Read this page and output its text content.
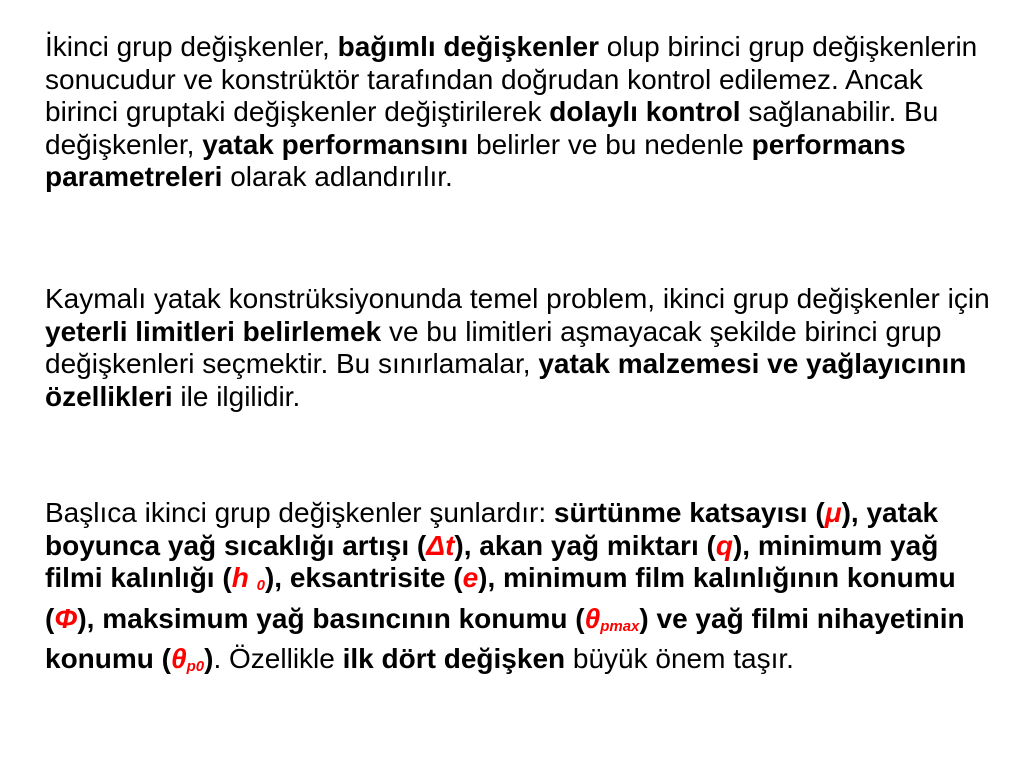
İkinci grup değişkenler, bağımlı değişkenler olup birinci grup değişkenlerin sonucudur ve konstrüktör tarafından doğrudan kontrol edilemez. Ancak birinci gruptaki değişkenler değiştirilerek dolaylı kontrol sağlanabilir. Bu değişkenler, yatak performansını belirler ve bu nedenle performans parametreleri olarak adlandırılır.

Kaymalı yatak konstrüksiyonunda temel problem, ikinci grup değişkenler için yeterli limitleri belirlemek ve bu limitleri aşmayacak şekilde birinci grup değişkenleri seçmektir. Bu sınırlamalar, yatak malzemesi ve yağlayıcının özellikleri ile ilgilidir.

Başlıca ikinci grup değişkenler şunlardır: sürtünme katsayısı (μ), yatak boyunca yağ sıcaklığı artışı (Δt), akan yağ miktarı (q), minimum yağ filmi kalınlığı (h $_0$), eksantrisite (e), minimum film kalınlığının konumu (Φ), maksimum yağ basıncının konumu $(\theta_{pmax})$ ve yağ filmi nihayetinin konumu $(\theta_{p0})$. Özellikle ilk dört değişken büyük önem taşır.
